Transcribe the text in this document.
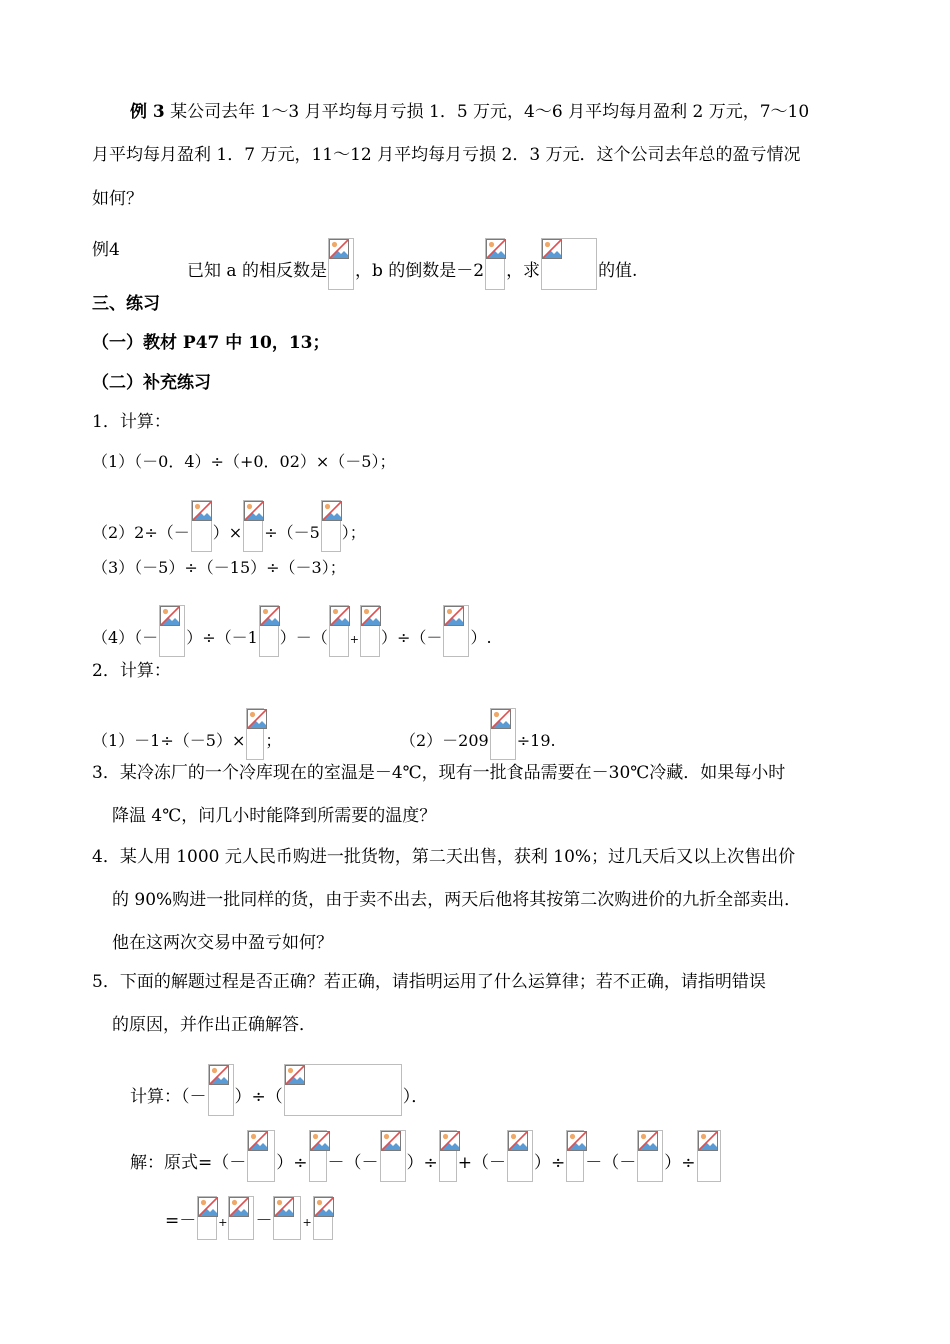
例 3 某公司去年 1～3 月平均每月亏损 1．5 万元，4～6 月平均每月盈利 2 万元，7～10
月平均每月盈利 1．7 万元，11～12 月平均每月亏损 2．3 万元．这个公司去年总的盈亏情况
如何？
例4
已知 a 的相反数是 ，b 的倒数是－2 ，求	的值.
三、练习
（一）教材 P47 中 10，13；
（二）补充练习
1．计算：
（1）（－0．4）÷（+0．02）×（－5）；
（2）2÷（－ ）× ÷（－5 ）；
（3）（－5）÷（－15）÷（－3）；
（4）（－ ）÷（－1 ）－（ + ）÷（－ ）.
2．计算：
（1）－1÷（－5）× ；	（2）－209 ÷19.
3．某冷冻厂的一个冷库现在的室温是－4℃，现有一批食品需要在－30℃冷藏．如果每小时
降温 4℃，问几小时能降到所需要的温度？
4．某人用 1000 元人民币购进一批货物，第二天出售，获利 10%；过几天后又以上次售出价
的 90%购进一批同样的货，由于卖不出去，两天后他将其按第二次购进价的九折全部卖出．
他在这两次交易中盈亏如何？
5．下面的解题过程是否正确？若正确，请指明运用了什么运算律；若不正确，请指明错误
的原因，并作出正确解答．
计算：（－ ）÷（	）．
解：原式=（－ ）÷ －（－ ）÷ +（－ ）÷ －（－ ）÷
=－ + －	+
